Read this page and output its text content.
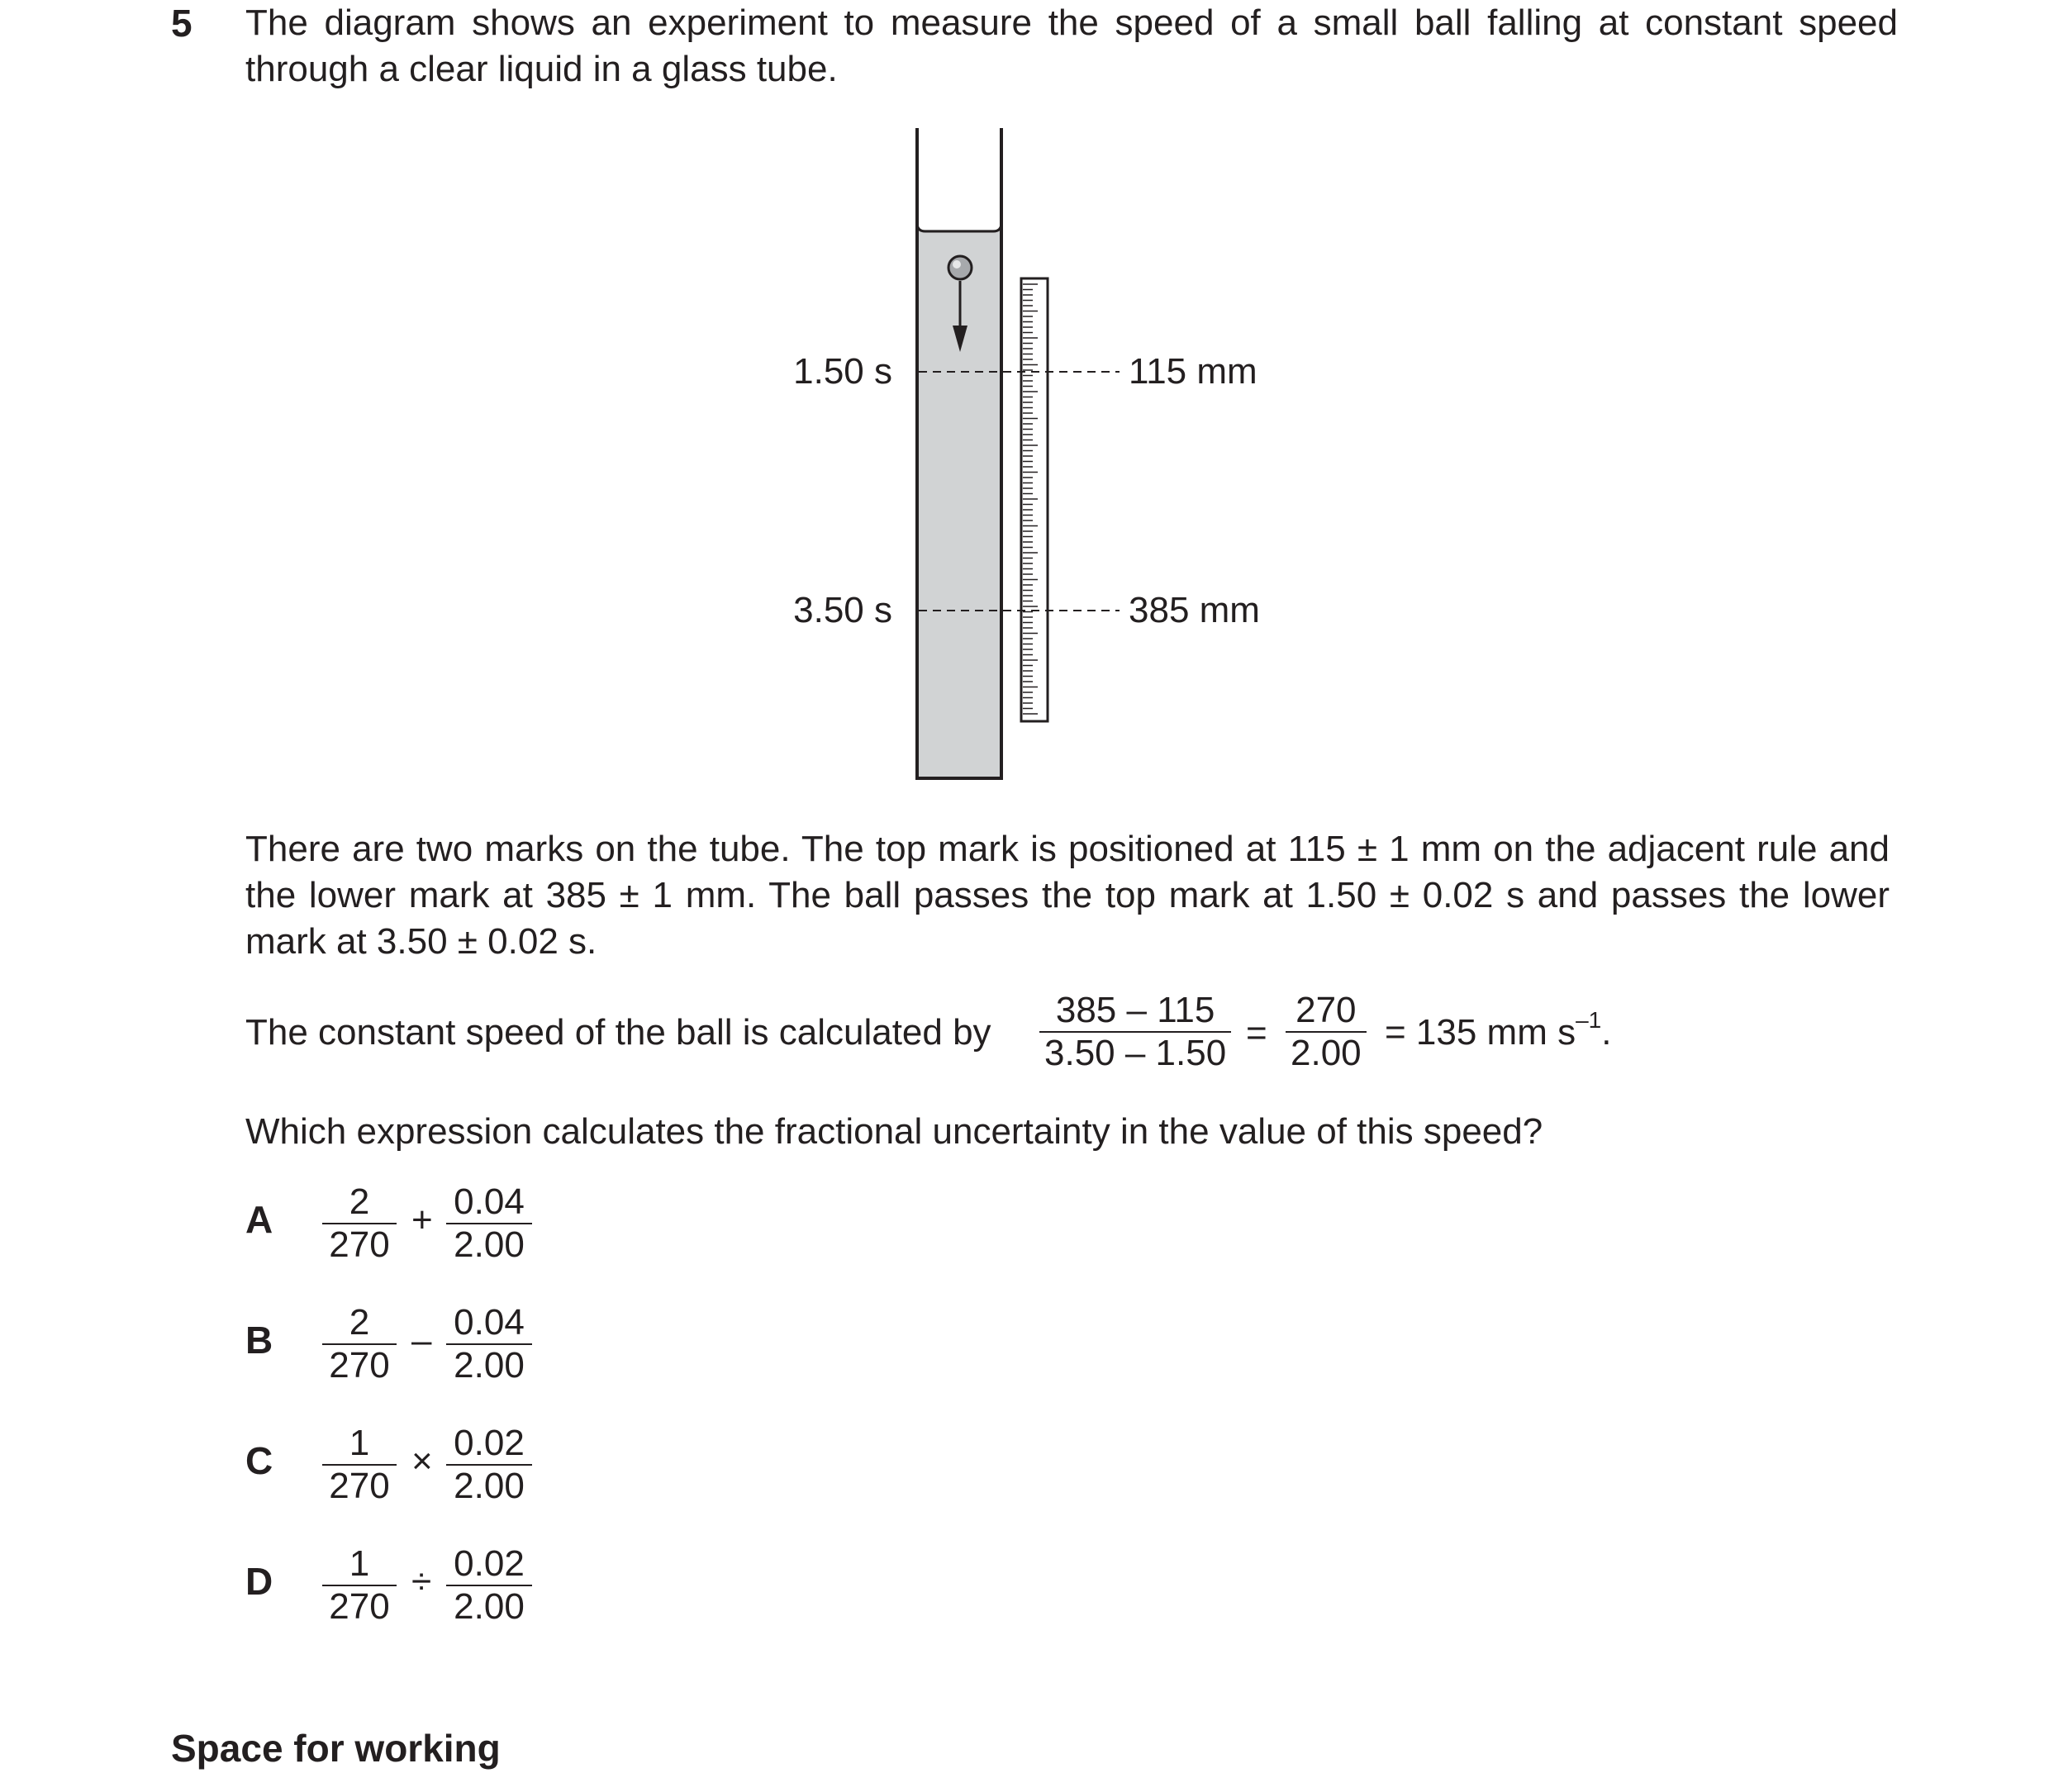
5 The diagram shows an experiment to measure the speed of a small ball falling at constant speed through a clear liquid in a glass tube.
1.50 s
3.50 s
115 mm
385 mm
There are two marks on the tube. The top mark is positioned at 115 ± 1 mm on the adjacent rule and the lower mark at 385 ± 1 mm. The ball passes the top mark at 1.50 ± 0.02 s and passes the lower mark at 3.50 ± 0.02 s.
The constant speed of the ball is calculated by
385 – 115
3.50 – 1.50 =
270
2.00
= 135 mm $s^{-1}$.
Which expression calculates the fractional uncertainty in the value of this speed?
A 2
270
+ 0.04
2.00
B 2
270
– 0.04
2.00
C 1
270
× 0.02
2.00
D 1
270
÷ 0.02
2.00
Space for working
